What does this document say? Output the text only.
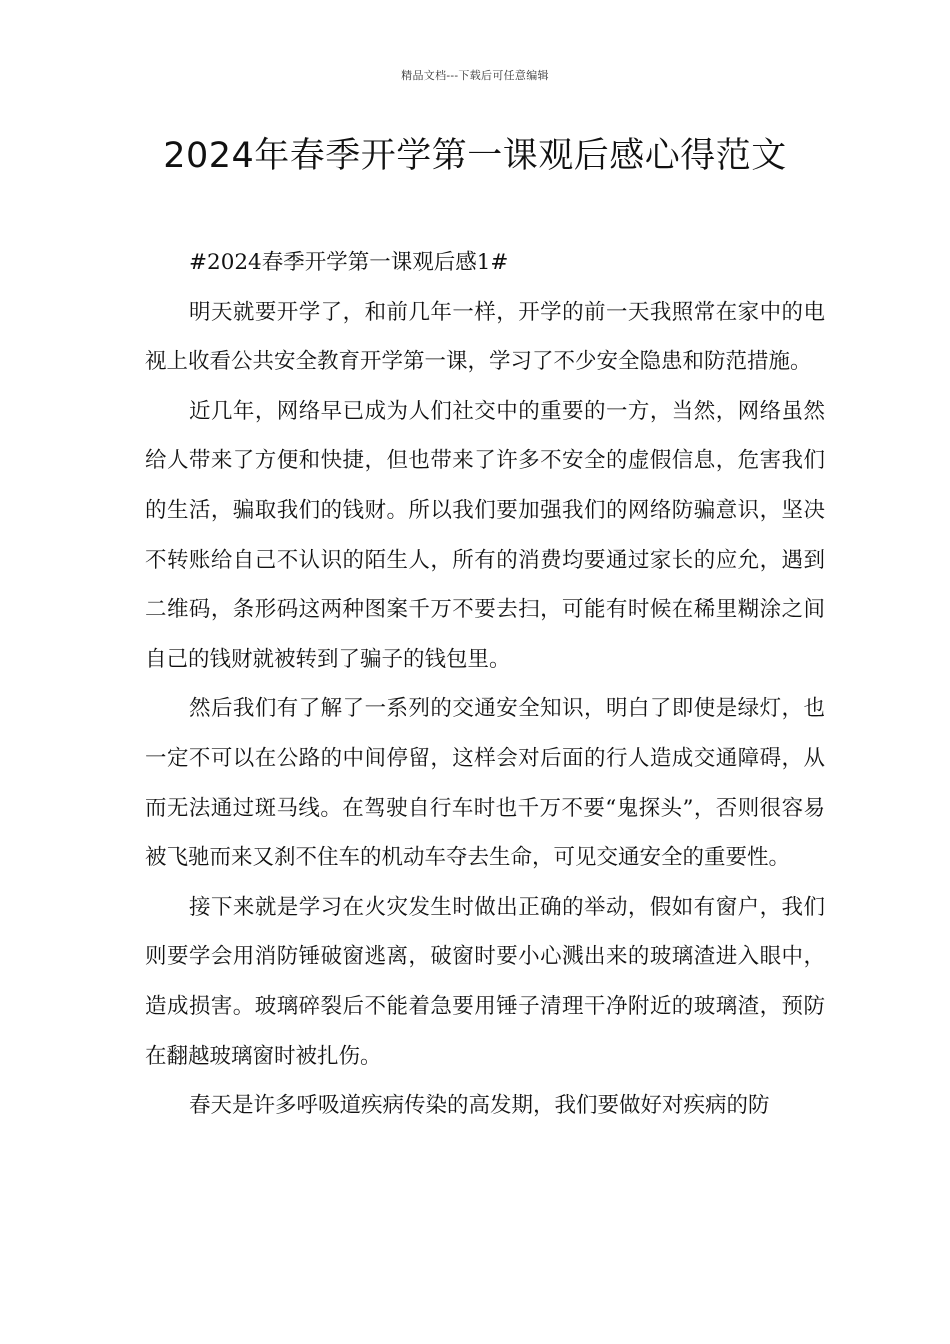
精品文档---下载后可任意编辑
2024年春季开学第一课观后感心得范文

#2024春季开学第一课观后感1#

明天就要开学了，和前几年一样，开学的前一天我照常在家中的电视上收看公共安全教育开学第一课，学习了不少安全隐患和防范措施。

近几年，网络早已成为人们社交中的重要的一方，当然，网络虽然给人带来了方便和快捷，但也带来了许多不安全的虚假信息，危害我们的生活，骗取我们的钱财。所以我们要加强我们的网络防骗意识，坚决不转账给自己不认识的陌生人，所有的消费均要通过家长的应允，遇到二维码，条形码这两种图案千万不要去扫，可能有时候在稀里糊涂之间自己的钱财就被转到了骗子的钱包里。

然后我们有了解了一系列的交通安全知识，明白了即使是绿灯，也一定不可以在公路的中间停留，这样会对后面的行人造成交通障碍，从而无法通过斑马线。在驾驶自行车时也千万不要“鬼探头”，否则很容易被飞驰而来又刹不住车的机动车夺去生命，可见交通安全的重要性。

接下来就是学习在火灾发生时做出正确的举动，假如有窗户，我们则要学会用消防锤破窗逃离，破窗时要小心溅出来的玻璃渣进入眼中，造成损害。玻璃碎裂后不能着急要用锤子清理干净附近的玻璃渣，预防在翻越玻璃窗时被扎伤。

春天是许多呼吸道疾病传染的高发期，我们要做好对疾病的防
